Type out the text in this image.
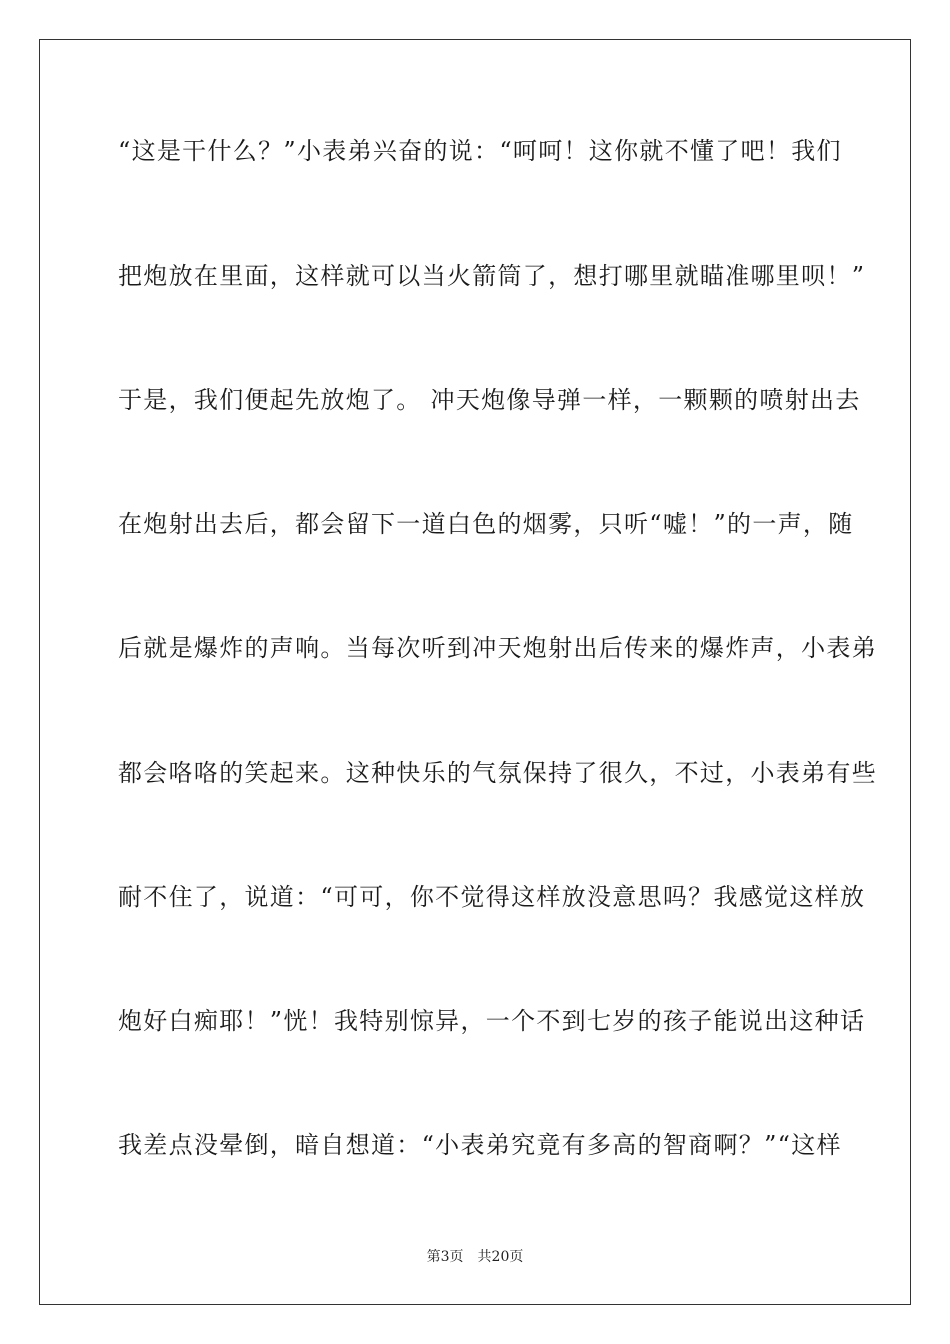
“这是干什么？”小表弟兴奋的说：“呵呵！这你就不懂了吧！我们
把炮放在里面，这样就可以当火箭筒了，想打哪里就瞄准哪里呗！”
于是，我们便起先放炮了。 冲天炮像导弹一样，一颗颗的喷射出去
在炮射出去后，都会留下一道白色的烟雾，只听“嘘！”的一声，随
后就是爆炸的声响。当每次听到冲天炮射出后传来的爆炸声，小表弟
都会咯咯的笑起来。这种快乐的气氛保持了很久，不过，小表弟有些
耐不住了，说道：“可可，你不觉得这样放没意思吗？我感觉这样放
炮好白痴耶！”恍！我特别惊异，一个不到七岁的孩子能说出这种话
我差点没晕倒，暗自想道：“小表弟究竟有多高的智商啊？”“这样
第3页 共20页
